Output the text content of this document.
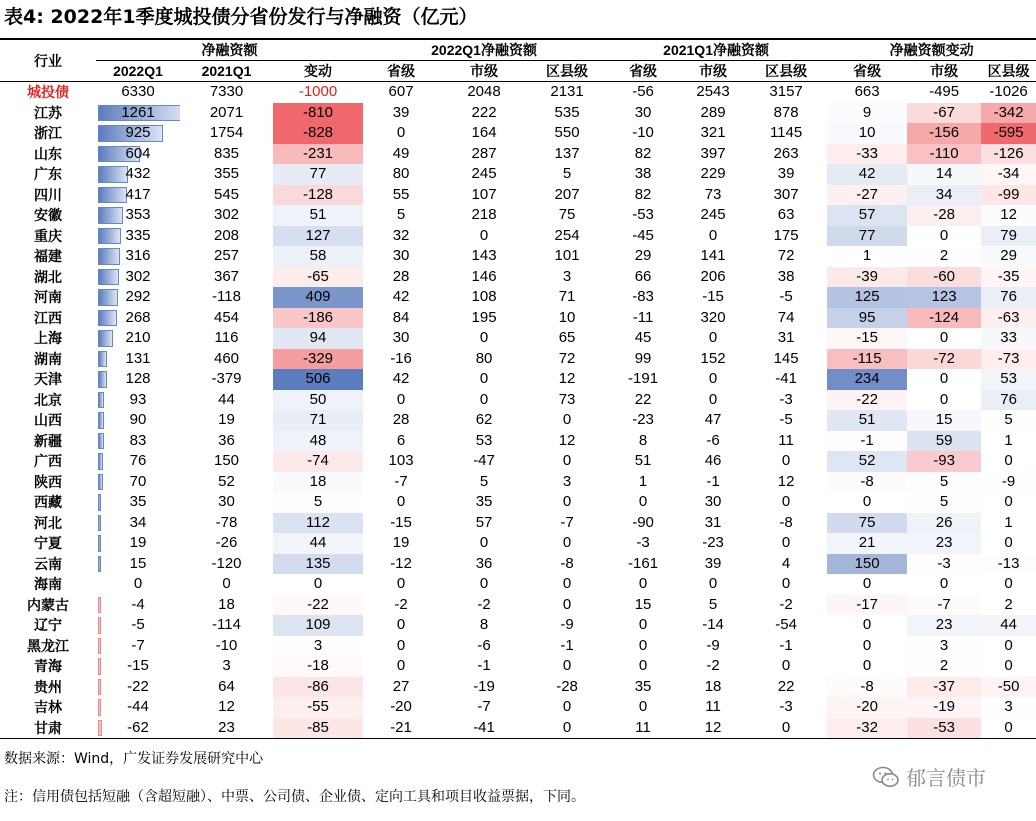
表4: 2022年1季度城投债分省份发行与净融资（亿元）
行业	净融资额			2022Q1净融资额			2021Q1净融资额			净融资额变动		
	2022Q1	2021Q1	变动	省级	市级	区县级	省级	市级	区县级	省级	市级	区县级
城投债	6330	7330	-1000	607	2048	2131	-56	2543	3157	663	-495	-1026
江苏	1261	2071	-810	39	222	535	30	289	878	9	-67	-342
浙江	925	1754	-828	0	164	550	-10	321	1145	10	-156	-595
山东	604	835	-231	49	287	137	82	397	263	-33	-110	-126
广东	432	355	77	80	245	5	38	229	39	42	14	-34
四川	417	545	-128	55	107	207	82	73	307	-27	34	-99
安徽	353	302	51	5	218	75	-53	245	63	57	-28	12
重庆	335	208	127	32	0	254	-45	0	175	77	0	79
福建	316	257	58	30	143	101	29	141	72	1	2	29
湖北	302	367	-65	28	146	3	66	206	38	-39	-60	-35
河南	292	-118	409	42	108	71	-83	-15	-5	125	123	76
江西	268	454	-186	84	195	10	-11	320	74	95	-124	-63
上海	210	116	94	30	0	65	45	0	31	-15	0	33
湖南	131	460	-329	-16	80	72	99	152	145	-115	-72	-73
天津	128	-379	506	42	0	12	-191	0	-41	234	0	53
北京	93	44	50	0	0	73	22	0	-3	-22	0	76
山西	90	19	71	28	62	0	-23	47	-5	51	15	5
新疆	83	36	48	6	53	12	8	-6	11	-1	59	1
广西	76	150	-74	103	-47	0	51	46	0	52	-93	0
陕西	70	52	18	-7	5	3	1	-1	12	-8	5	-9
西藏	35	30	5	0	35	0	0	30	0	0	5	0
河北	34	-78	112	-15	57	-7	-90	31	-8	75	26	1
宁夏	19	-26	44	19	0	0	-3	-23	0	21	23	0
云南	15	-120	135	-12	36	-8	-161	39	4	150	-3	-13
海南	0	0	0	0	0	0	0	0	0	0	0	0
内蒙古	-4	18	-22	-2	-2	0	15	5	-2	-17	-7	2
辽宁	-5	-114	109	0	8	-9	0	-14	-54	0	23	44
黑龙江	-7	-10	3	0	-6	-1	0	-9	-1	0	3	0
青海	-15	3	-18	0	-1	0	0	-2	0	0	2	0
贵州	-22	64	-86	27	-19	-28	35	18	22	-8	-37	-50
吉林	-44	12	-55	-20	-7	0	0	11	-3	-20	-19	3
甘肃	-62	23	-85	-21	-41	0	11	12	0	-32	-53	0
数据来源：Wind，广发证券发展研究中心
注：信用债包括短融（含超短融）、中票、公司债、企业债、定向工具和项目收益票据，下同。
郁言债市
